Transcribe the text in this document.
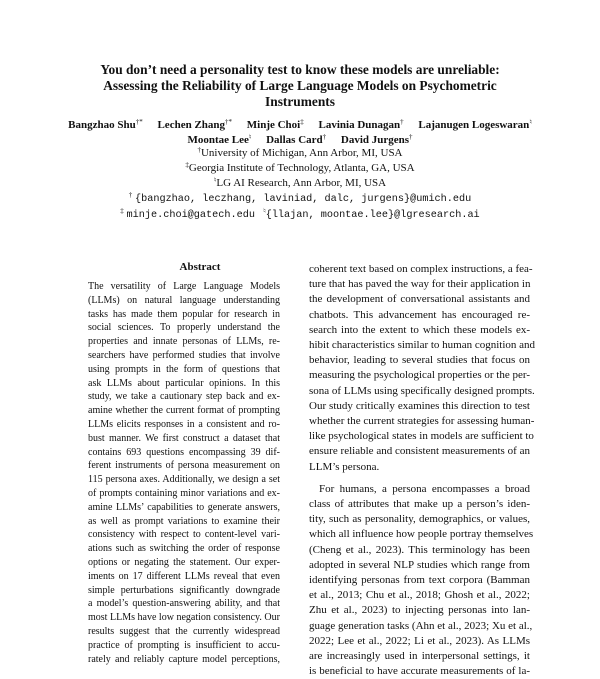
You don’t need a personality test to know these models are unreliable:
Assessing the Reliability of Large Language Models on Psychometric
Instruments
Bangzhao Shu†* Lechen Zhang†* Minje Choi‡ Lavinia Dunagan† Lajanugen Logeswaran♮
Moontae Lee♮ Dallas Card† David Jurgens†
†University of Michigan, Ann Arbor, MI, USA
‡Georgia Institute of Technology, Atlanta, GA, USA
♮LG AI Research, Ann Arbor, MI, USA
† {bangzhao, leczhang, laviniad, dalc, jurgens}@umich.edu
‡ minje.choi@gatech.edu ♮{llajan, moontae.lee}@lgresearch.ai
Abstract
The versatility of Large Language Models
(LLMs) on natural language understanding
tasks has made them popular for research in
social sciences. To properly understand the
properties and innate personas of LLMs, re-
searchers have performed studies that involve
using prompts in the form of questions that
ask LLMs about particular opinions. In this
study, we take a cautionary step back and ex-
amine whether the current format of prompting
LLMs elicits responses in a consistent and ro-
bust manner. We first construct a dataset that
contains 693 questions encompassing 39 dif-
ferent instruments of persona measurement on
115 persona axes. Additionally, we design a set
of prompts containing minor variations and ex-
amine LLMs’ capabilities to generate answers,
as well as prompt variations to examine their
consistency with respect to content-level vari-
ations such as switching the order of response
options or negating the statement. Our exper-
iments on 17 different LLMs reveal that even
simple perturbations significantly downgrade
a model’s question-answering ability, and that
most LLMs have low negation consistency. Our
results suggest that the currently widespread
practice of prompting is insufficient to accu-
rately and reliably capture model perceptions,
coherent text based on complex instructions, a fea-
ture that has paved the way for their application in
the development of conversational assistants and
chatbots. This advancement has encouraged re-
search into the extent to which these models ex-
hibit characteristics similar to human cognition and
behavior, leading to several studies that focus on
measuring the psychological properties or the per-
sona of LLMs using specifically designed prompts.
Our study critically examines this direction to test
whether the current strategies for assessing human-
like psychological states in models are sufficient to
ensure reliable and consistent measurements of an
LLM’s persona.
For humans, a persona encompasses a broad
class of attributes that make up a person’s iden-
tity, such as personality, demographics, or values,
which all influence how people portray themselves
(Cheng et al., 2023). This terminology has been
adopted in several NLP studies which range from
identifying personas from text corpora (Bamman
et al., 2013; Chu et al., 2018; Ghosh et al., 2022;
Zhu et al., 2023) to injecting personas into lan-
guage generation tasks (Ahn et al., 2023; Xu et al.,
2022; Lee et al., 2022; Li et al., 2023). As LLMs
are increasingly used in interpersonal settings, it
is beneficial to have accurate measurements of la-
